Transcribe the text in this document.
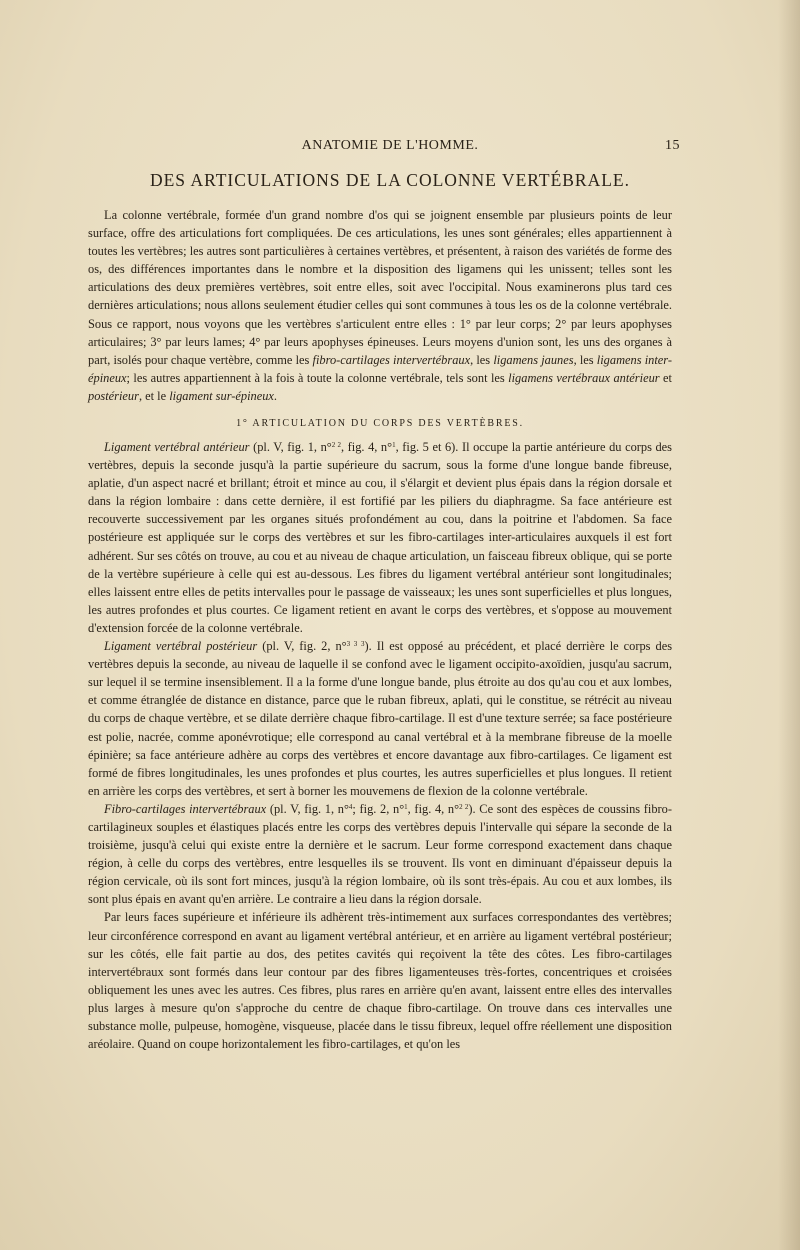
ANATOMIE DE L'HOMME.	15
DES ARTICULATIONS DE LA COLONNE VERTÉBRALE.

La colonne vertébrale, formée d'un grand nombre d'os qui se joignent ensemble par plusieurs points de leur surface, offre des articulations fort compliquées. De ces articulations, les unes sont générales; elles appartiennent à toutes les vertèbres; les autres sont particulières à certaines vertèbres, et présentent, à raison des variétés de forme des os, des différences importantes dans le nombre et la disposition des ligamens qui les unissent; telles sont les articulations des deux premières vertèbres, soit entre elles, soit avec l'occipital. Nous examinerons plus tard ces dernières articulations; nous allons seulement étudier celles qui sont communes à tous les os de la colonne vertébrale. Sous ce rapport, nous voyons que les vertèbres s'articulent entre elles : 1° par leur corps; 2° par leurs apophyses articulaires; 3° par leurs lames; 4° par leurs apophyses épineuses. Leurs moyens d'union sont, les uns des organes à part, isolés pour chaque vertèbre, comme les fibro-cartilages intervertébraux, les ligamens jaunes, les ligamens inter-épineux; les autres appartiennent à la fois à toute la colonne vertébrale, tels sont les ligamens vertébraux antérieur et postérieur, et le ligament sur-épineux.

1° ARTICULATION DU CORPS DES VERTÈBRES.

Ligament vertébral antérieur (pl. V, fig. 1, n°$^{2 2}$, fig. 4, n°$^1$, fig. 5 et 6). Il occupe la partie antérieure du corps des vertèbres, depuis la seconde jusqu'à la partie supérieure du sacrum, sous la forme d'une longue bande fibreuse, aplatie, d'un aspect nacré et brillant; étroit et mince au cou, il s'élargit et devient plus épais dans la région dorsale et dans la région lombaire : dans cette dernière, il est fortifié par les piliers du diaphragme. Sa face antérieure est recouverte successivement par les organes situés profondément au cou, dans la poitrine et l'abdomen. Sa face postérieure est appliquée sur le corps des vertèbres et sur les fibro-cartilages inter-articulaires auxquels il est fort adhérent. Sur ses côtés on trouve, au cou et au niveau de chaque articulation, un faisceau fibreux oblique, qui se porte de la vertèbre supérieure à celle qui est au-dessous. Les fibres du ligament vertébral antérieur sont longitudinales; elles laissent entre elles de petits intervalles pour le passage de vaisseaux; les unes sont superficielles et plus longues, les autres profondes et plus courtes. Ce ligament retient en avant le corps des vertèbres, et s'oppose au mouvement d'extension forcée de la colonne vertébrale.

Ligament vertébral postérieur (pl. V, fig. 2, n°$^{3 3 3}$). Il est opposé au précédent, et placé derrière le corps des vertèbres depuis la seconde, au niveau de laquelle il se confond avec le ligament occipito-axoïdien, jusqu'au sacrum, sur lequel il se termine insensiblement. Il a la forme d'une longue bande, plus étroite au dos qu'au cou et aux lombes, et comme étranglée de distance en distance, parce que le ruban fibreux, aplati, qui le constitue, se rétrécit au niveau du corps de chaque vertèbre, et se dilate derrière chaque fibro-cartilage. Il est d'une texture serrée; sa face postérieure est polie, nacrée, comme aponévrotique; elle correspond au canal vertébral et à la membrane fibreuse de la moelle épinière; sa face antérieure adhère au corps des vertèbres et encore davantage aux fibro-cartilages. Ce ligament est formé de fibres longitudinales, les unes profondes et plus courtes, les autres superficielles et plus longues. Il retient en arrière les corps des vertèbres, et sert à borner les mouvemens de flexion de la colonne vertébrale.

Fibro-cartilages intervertébraux (pl. V, fig. 1, n°$^4$; fig. 2, n°$^1$, fig. 4, n°$^{2 2}$). Ce sont des espèces de coussins fibro-cartilagineux souples et élastiques placés entre les corps des vertèbres depuis l'intervalle qui sépare la seconde de la troisième, jusqu'à celui qui existe entre la dernière et le sacrum. Leur forme correspond exactement dans chaque région, à celle du corps des vertèbres, entre lesquelles ils se trouvent. Ils vont en diminuant d'épaisseur depuis la région cervicale, où ils sont fort minces, jusqu'à la région lombaire, où ils sont très-épais. Au cou et aux lombes, ils sont plus épais en avant qu'en arrière. Le contraire a lieu dans la région dorsale.

Par leurs faces supérieure et inférieure ils adhèrent très-intimement aux surfaces correspondantes des vertèbres; leur circonférence correspond en avant au ligament vertébral antérieur, et en arrière au ligament vertébral postérieur; sur les côtés, elle fait partie au dos, des petites cavités qui reçoivent la tête des côtes. Les fibro-cartilages intervertébraux sont formés dans leur contour par des fibres ligamenteuses très-fortes, concentriques et croisées obliquement les unes avec les autres. Ces fibres, plus rares en arrière qu'en avant, laissent entre elles des intervalles plus larges à mesure qu'on s'approche du centre de chaque fibro-cartilage. On trouve dans ces intervalles une substance molle, pulpeuse, homogène, visqueuse, placée dans le tissu fibreux, lequel offre réellement une disposition aréolaire. Quand on coupe horizontalement les fibro-cartilages, et qu'on les
